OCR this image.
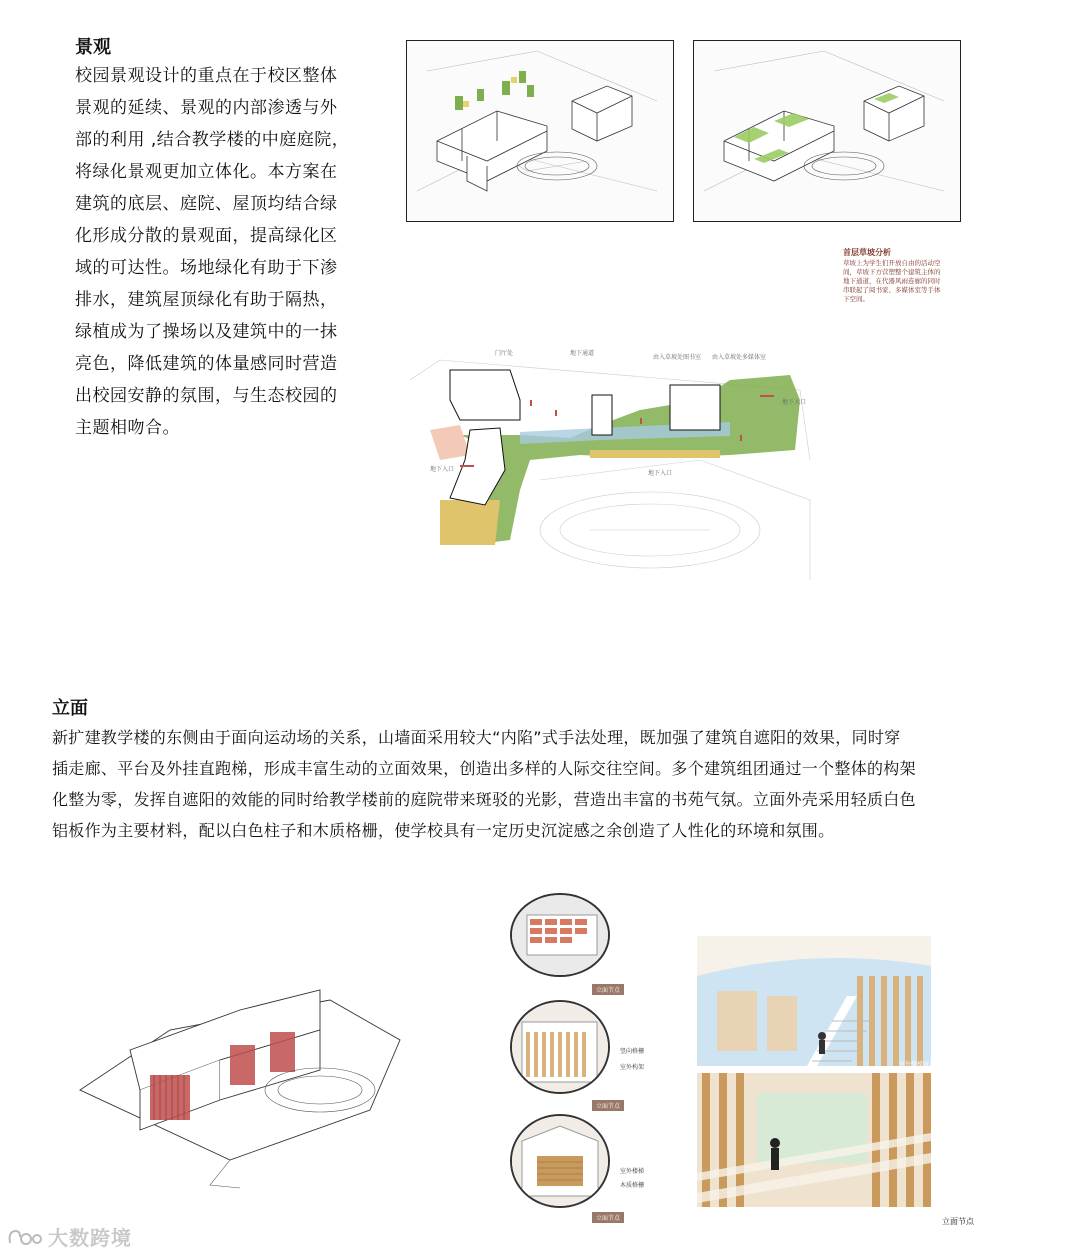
景观
校园景观设计的重点在于校区整体
景观的延续、景观的内部渗透与外
部的利用 ,结合教学楼的中庭庭院，
将绿化景观更加立体化。本方案在
建筑的底层、庭院、屋顶均结合绿
化形成分散的景观面，提高绿化区
域的可达性。场地绿化有助于下渗
排水，建筑屋顶绿化有助于隔热，
绿植成为了操场以及建筑中的一抹
亮色，降低建筑的体量感同时营造
出校园安静的氛围，与生态校园的
主题相吻合。
首层草坡分析
草坡上为学生们开放自由的活动空
间，草坡下方营塑整个建筑主体的
地下通道，在代器风雨连廊的同时
串联起了阅书家、多媒体室等手体
下空间。
门厅处	地下通道
由入草坡处图书室 由入草坡处多媒体室
地下入口
地下入口
地下入口
立面
新扩建教学楼的东侧由于面向运动场的关系，山墙面采用较大“内陷”式手法处理，既加强了建筑自遮阳的效果，同时穿
插走廊、平台及外挂直跑梯，形成丰富生动的立面效果，创造出多样的人际交往空间。多个建筑组团通过一个整体的构架
化整为零，发挥自遮阳的效能的同时给教学楼前的庭院带来斑驳的光影，营造出丰富的书苑气氛。立面外壳采用轻质白色
铝板作为主要材料，配以白色柱子和木质格栅，使学校具有一定历史沉淀感之余创造了人性化的环境和氛围。
立面节点
竖向格栅
室外构架
立面节点
室外楼梯
木质格栅
立面节点
室外楼梯效果
立面节点
大数跨境
